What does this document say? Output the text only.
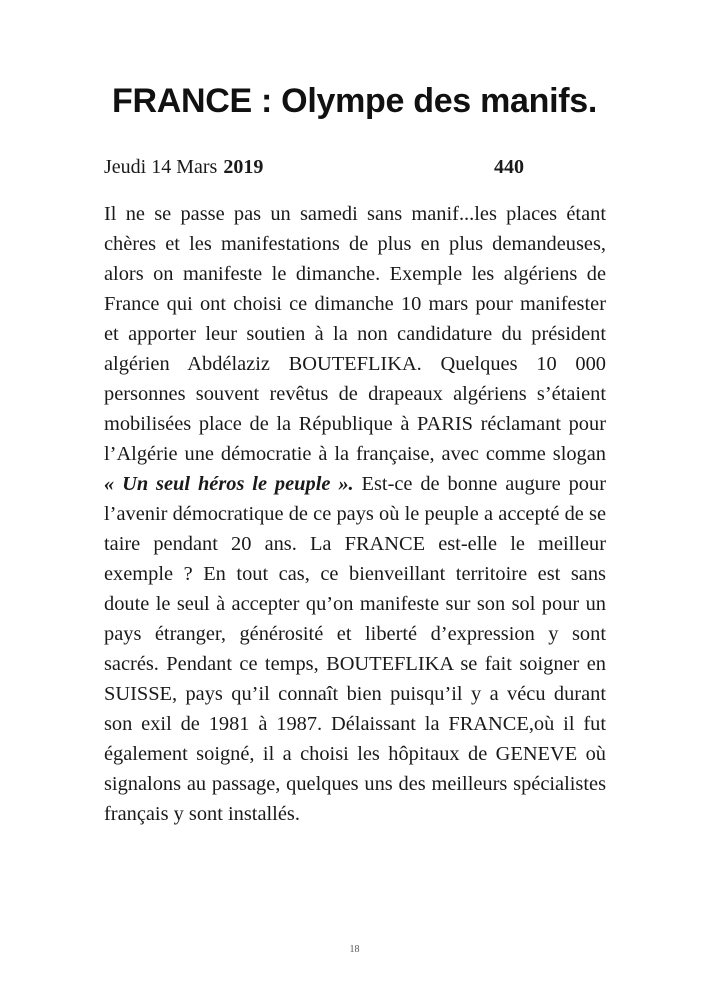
FRANCE : Olympe des manifs.
Jeudi 14 Mars 2019	440

Il ne se passe pas un samedi sans manif...les places étant chères et les manifestations de plus en plus demandeuses, alors on manifeste le dimanche. Exemple les algériens de France qui ont choisi ce dimanche 10 mars pour manifester et apporter leur soutien à la non candidature du président algérien Abdélaziz BOUTEFLIKA. Quelques 10 000 personnes souvent revêtus de drapeaux algériens s’étaient mobilisées place de la République à PARIS réclamant pour l’Algérie une démocratie à la française, avec comme slogan « Un seul héros le peuple ». Est-ce de bonne augure pour l’avenir démocratique de ce pays où le peuple a accepté de se taire pendant 20 ans. La FRANCE est-elle le meilleur exemple ? En tout cas, ce bienveillant territoire est sans doute le seul à accepter qu’on manifeste sur son sol pour un pays étranger, générosité et liberté d’expression y sont sacrés. Pendant ce temps, BOUTEFLIKA se fait soigner en SUISSE, pays qu’il connaît bien puisqu’il y a vécu durant son exil de 1981 à 1987. Délaissant la FRANCE,où il fut également soigné, il a choisi les hôpitaux de GENEVE où signalons au passage, quelques uns des meilleurs spécialistes français y sont installés.

18
